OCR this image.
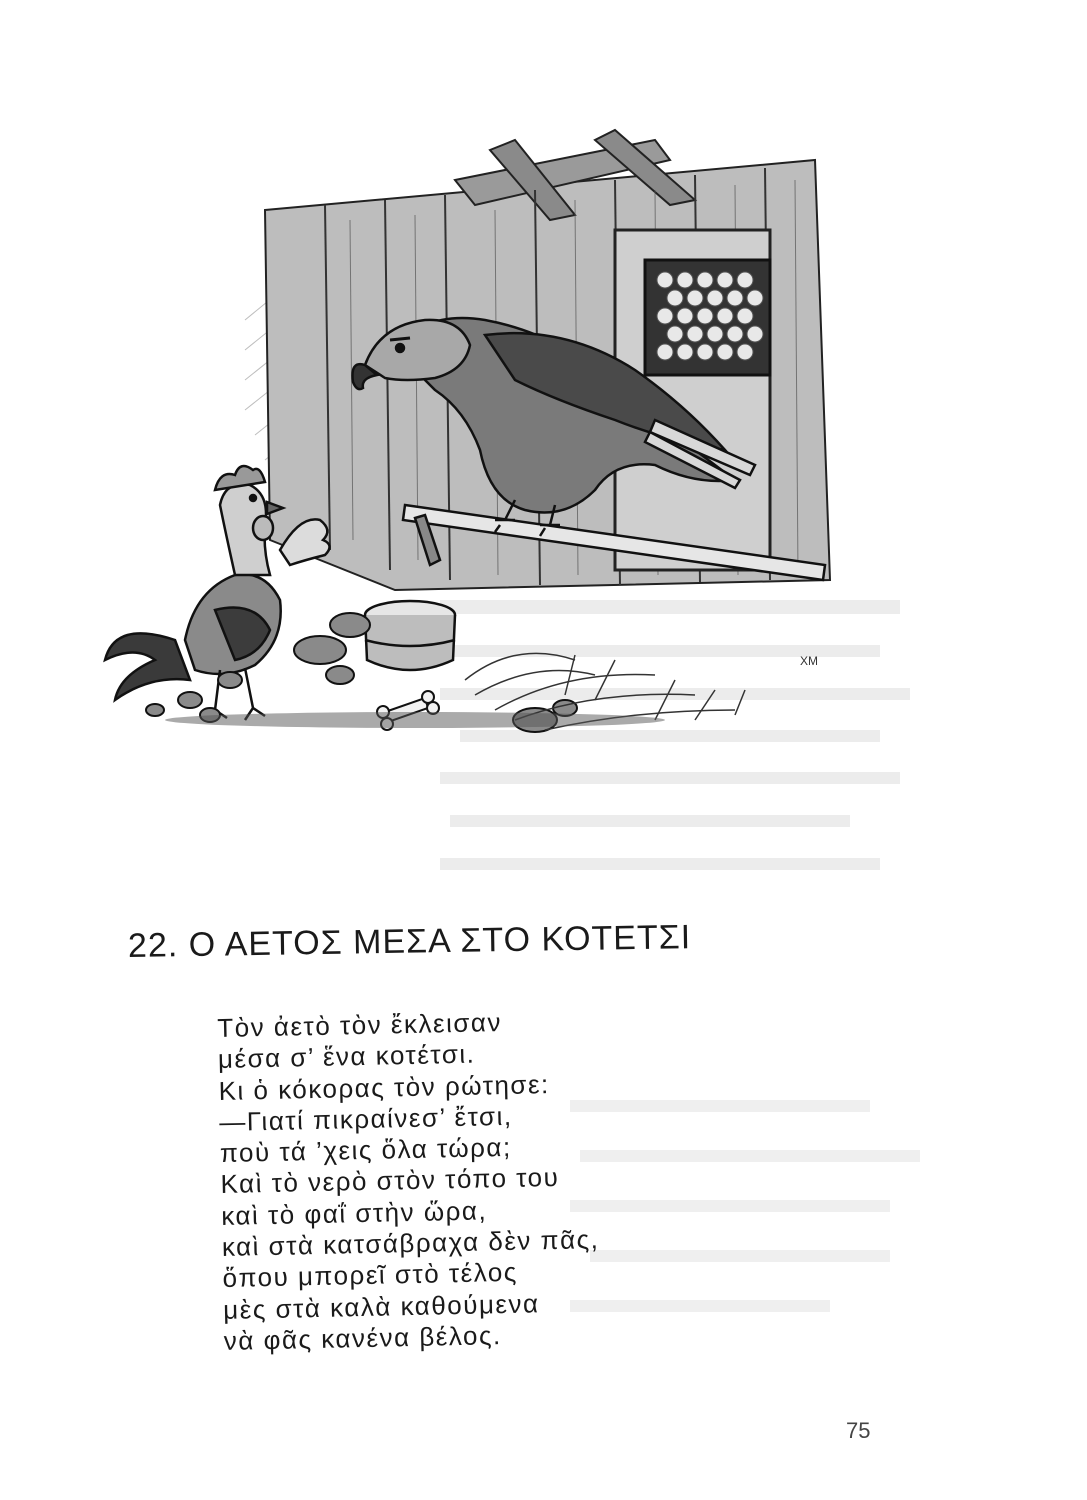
ΧΜ
22. Ο ΑΕΤΟΣ ΜΕΣΑ ΣΤΟ ΚΟΤΕΤΣΙ
Τὸν ἀετὸ τὸν ἔκλεισαν
μέσα σ’ ἕνα κοτέτσι.
Κι ὁ κόκορας τὸν ρώτησε:
—Γιατί πικραίνεσ’ ἔτσι,
ποὺ τά ’χεις ὅλα τώρα;
Καὶ τὸ νερὸ στὸν τόπο του
καὶ τὸ φαΐ στὴν ὥρα,
καὶ στὰ κατσάβραχα δὲν πᾶς,
ὅπου μπορεῖ στὸ τέλος
μὲς στὰ καλὰ καθούμενα
νὰ φᾶς κανένα βέλος.
75
